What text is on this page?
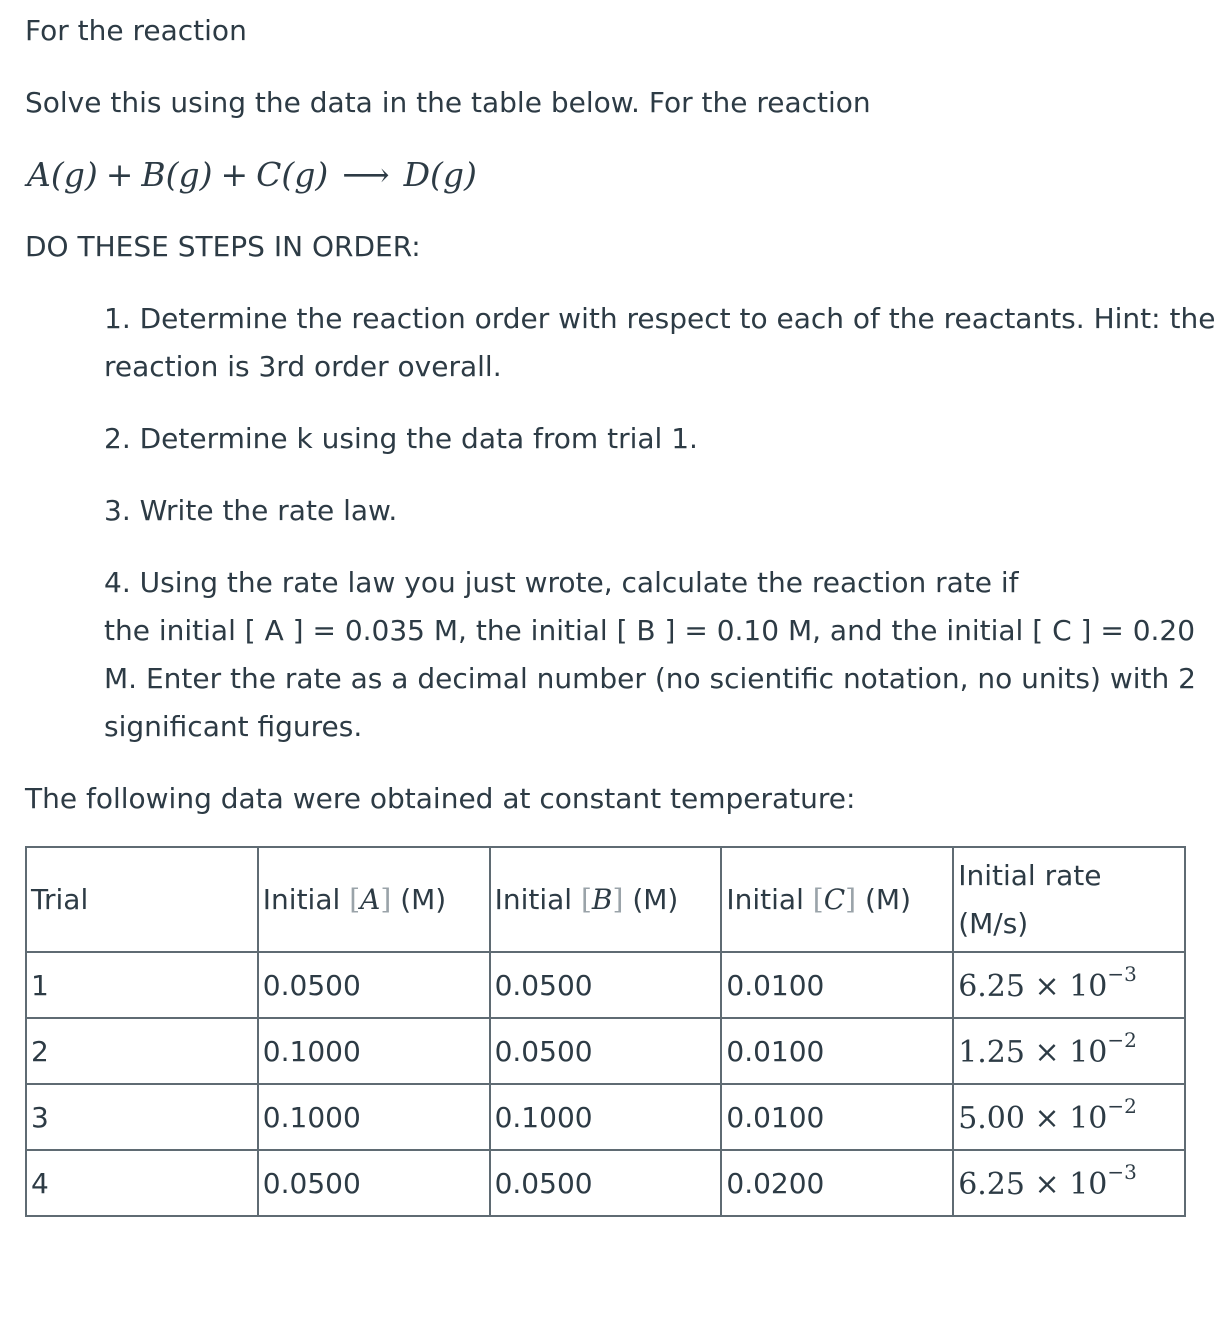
For the reaction

Solve this using the data in the table below. For the reaction

A(g) + B(g) + C(g) ⟶ D(g)

DO THESE STEPS IN ORDER:

1. Determine the reaction order with respect to each of the reactants. Hint: the
reaction is 3rd order overall.
2. Determine k using the data from trial 1.
3. Write the rate law.
4. Using the rate law you just wrote, calculate the reaction rate if
the initial [ A ] = 0.035 M, the initial [ B ] = 0.10 M, and the initial [ C ] = 0.20
M. Enter the rate as a decimal number (no scientific notation, no units) with 2
significant figures.

The following data were obtained at constant temperature:

Trial	Initial [A] (M)	Initial [B] (M)	Initial [C] (M)	Initial rate
(M/s)
1	0.0500	0.0500	0.0100	$6.25 \times 10^{-3}$
2	0.1000	0.0500	0.0100	$1.25 \times 10^{-2}$
3	0.1000	0.1000	0.0100	$5.00 \times 10^{-2}$
4	0.0500	0.0500	0.0200	$6.25 \times 10^{-3}$
